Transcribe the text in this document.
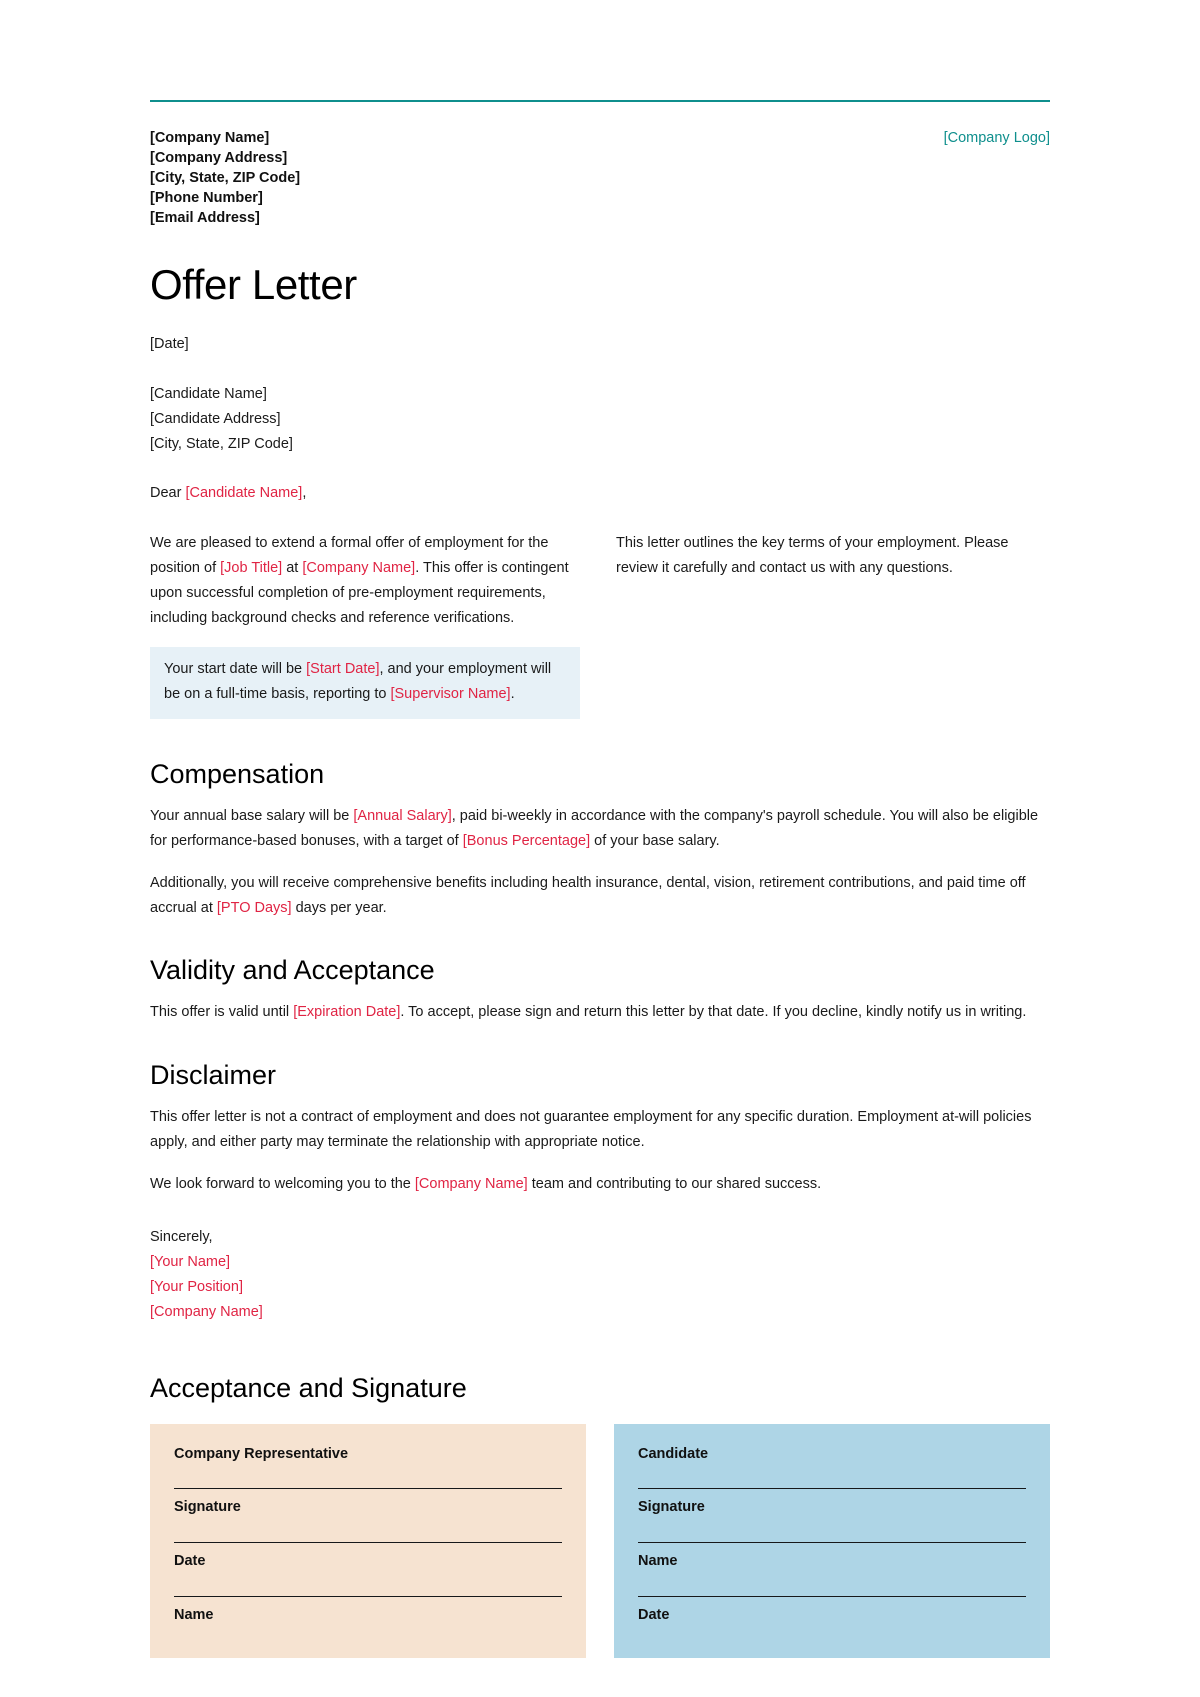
[Company Name]
[Company Address]
[City, State, ZIP Code]
[Phone Number]
[Email Address]
[Company Logo]
Offer Letter
[Date]
[Candidate Name]
[Candidate Address]
[City, State, ZIP Code]
Dear [Candidate Name],

We are pleased to extend a formal offer of employment for the position of [Job Title] at [Company Name]. This offer is contingent upon successful completion of pre-employment requirements, including background checks and reference verifications.

Your start date will be [Start Date], and your employment will be on a full-time basis, reporting to [Supervisor Name].

This letter outlines the key terms of your employment. Please review it carefully and contact us with any questions.

Compensation

Your annual base salary will be [Annual Salary], paid bi-weekly in accordance with the company's payroll schedule. You will also be eligible for performance-based bonuses, with a target of [Bonus Percentage] of your base salary.

Additionally, you will receive comprehensive benefits including health insurance, dental, vision, retirement contributions, and paid time off accrual at [PTO Days] days per year.

Validity and Acceptance

This offer is valid until [Expiration Date]. To accept, please sign and return this letter by that date. If you decline, kindly notify us in writing.

Disclaimer

This offer letter is not a contract of employment and does not guarantee employment for any specific duration. Employment at-will policies apply, and either party may terminate the relationship with appropriate notice.

We look forward to welcoming you to the [Company Name] team and contributing to our shared success.

Sincerely,
[Your Name]
[Your Position]
[Company Name]
Acceptance and Signature
Company Representative
Signature
Date
Name
Candidate
Signature
Name
Date
